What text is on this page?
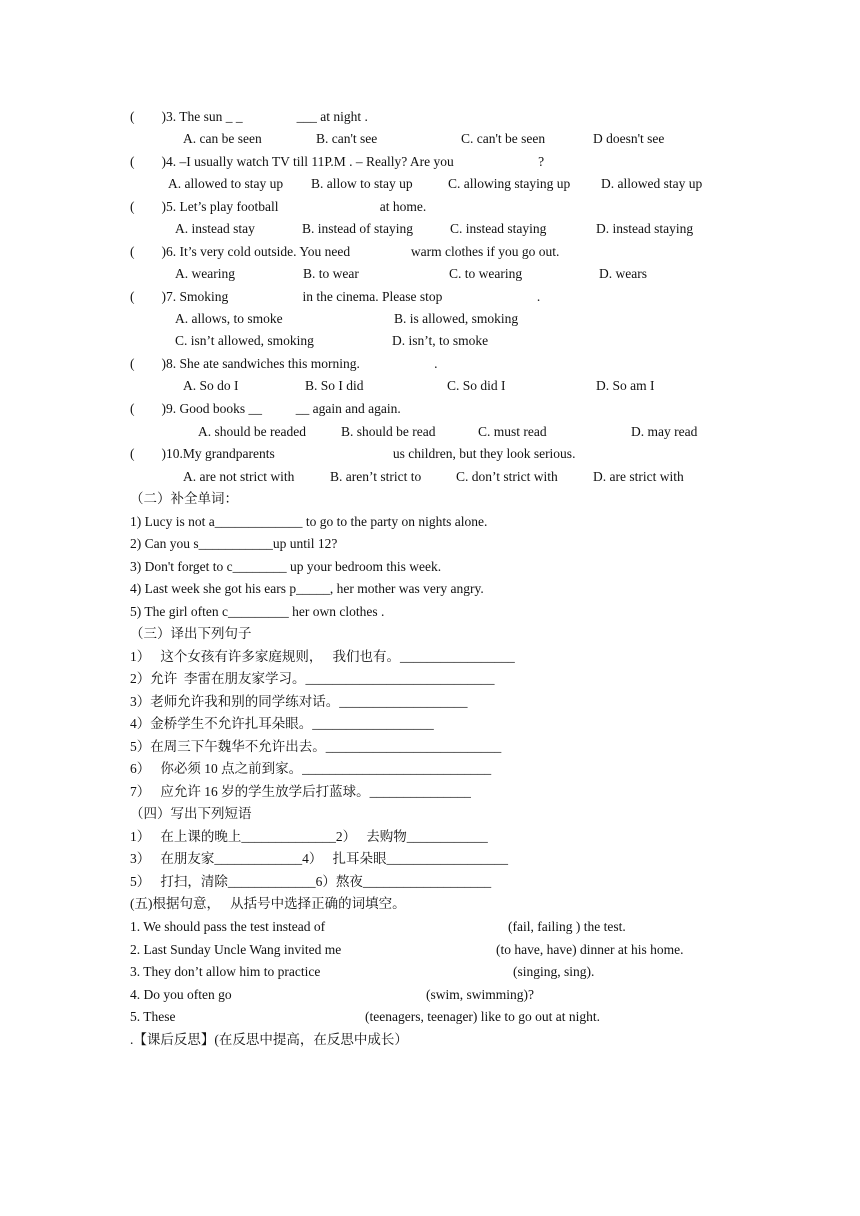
(        )3. The sun _ _                ___ at night .

A. can be seen

	B. can't see

	C. can't be seen

	D doesn't see

(        )4. –I usually watch TV till 11P.M . – Really? Are you                         ?

A. allowed to stay up

B. allow to stay up

	C. allowing staying up

D. allowed stay up

(        )5. Let’s play football                              at home.

A. instead stay

	B. instead of staying

	C. instead staying

	D. instead staying

(        )6. It’s very cold outside. You need                  warm clothes if you go out.

A. wearing

	B. to wear

	C. to wearing

	D. wears

(        )7. Smoking                      in the cinema. Please stop                            .

A. allows, to smoke

	B. is allowed, smoking

C. isn’t allowed, smoking

	D. isn’t, to smoke

(        )8. She ate sandwiches this morning.                      .

A. So do I

	B. So I did

	C. So did I

	D. So am I

(        )9. Good books __          __ again and again.

A. should be readed

	B. should be read

	C. must read

	D. may read

(        )10.My grandparents                                   us children, but they look serious.

A. are not strict with

	B. aren’t strict to

	C. don’t strict with

	D. are strict with

（二）补全单词：
1) Lucy is not a_____________ to go to the party on nights alone.
2) Can you s___________up until 12?
3) Don't forget to c________ up your bedroom this week.
4) Last week she got his ears p_____, her mother was very angry.
5) The girl often c_________ her own clothes .
（三）译出下列句子
1）   这个女孩有许多家庭规则，   我们也有。_________________
2）允许  李雷在朋友家学习。____________________________
3）老师允许我和别的同学练对话。___________________
4）金桥学生不允许扎耳朵眼。__________________
5）在周三下午魏华不允许出去。__________________________
6）   你必须 10 点之前到家。____________________________
7）   应允许 16 岁的学生放学后打蓝球。_______________
（四）写出下列短语
1）   在上课的晚上______________2）   去购物____________
3）   在朋友家_____________4）   扎耳朵眼__________________
5）   打扫，清除_____________6）熬夜___________________
(五)根据句意，   从括号中选择正确的词填空。

1. We should pass the test instead of

	(fail, failing ) the test.

2. Last Sunday Uncle Wang invited me

	(to have, have) dinner at his home.

3. They don’t allow him to practice

	(singing, sing).

4. Do you often go

	(swim, swimming)?

5. These

	(teenagers, teenager) like to go out at night.

.【课后反思】(在反思中提高，在反思中成长）
